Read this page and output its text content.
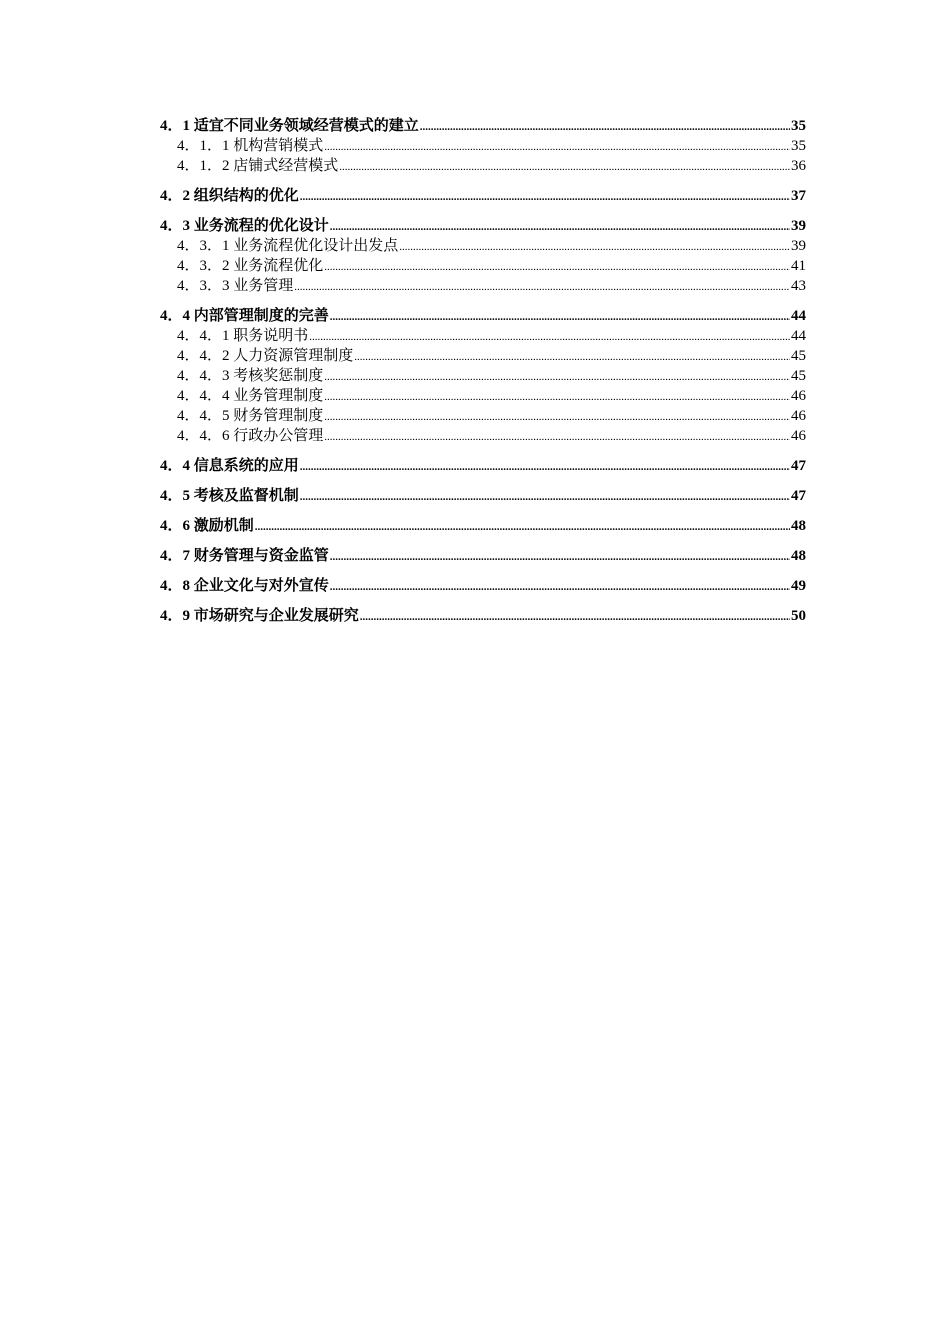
4．1 适宜不同业务领域经营模式的建立 .....	35
4．1．1 机构营销模式 .....	35
4．1．2 店铺式经营模式 .....	36
4．2 组织结构的优化 .....	37
4．3 业务流程的优化设计 .....	39
4．3．1 业务流程优化设计出发点 .....	39
4．3．2 业务流程优化 .....	41
4．3．3 业务管理 .....	43
4．4 内部管理制度的完善 .....	44
4．4．1 职务说明书 .....	44
4．4．2 人力资源管理制度 .....	45
4．4．3 考核奖惩制度 .....	45
4．4．4 业务管理制度 .....	46
4．4．5 财务管理制度 .....	46
4．4．6 行政办公管理 .....	46
4．4 信息系统的应用 .....	47
4．5 考核及监督机制 .....	47
4．6 激励机制 .....	48
4．7 财务管理与资金监管 .....	48
4．8 企业文化与对外宣传 .....	49
4．9 市场研究与企业发展研究 .....	50
